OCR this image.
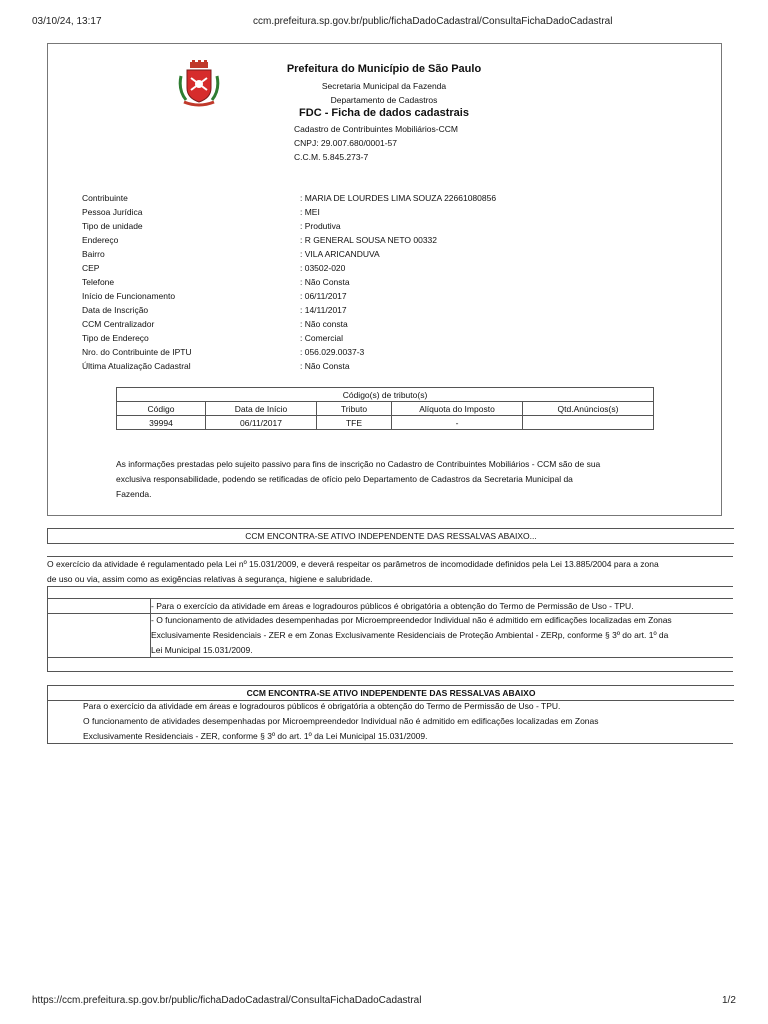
03/10/24, 13:17	ccm.prefeitura.sp.gov.br/public/fichaDadoCadastral/ConsultaFichaDadoCadastral
Prefeitura do Município de São Paulo
Secretaria Municipal da Fazenda
Departamento de Cadastros
FDC - Ficha de dados cadastrais
Cadastro de Contribuintes Mobiliários-CCM
CNPJ: 29.007.680/0001-57
C.C.M. 5.845.273-7
Contribuinte	: MARIA DE LOURDES LIMA SOUZA 22661080856
Pessoa Jurídica	: MEI
Tipo de unidade	: Produtiva
Endereço	: R GENERAL SOUSA NETO 00332
Bairro	: VILA ARICANDUVA
CEP	: 03502-020
Telefone	: Não Consta
Início de Funcionamento	: 06/11/2017
Data de Inscrição	: 14/11/2017
CCM Centralizador	: Não consta
Tipo de Endereço	: Comercial
Nro. do Contribuinte de IPTU	: 056.029.0037-3
Última Atualização Cadastral	: Não Consta
Código(s) de tributo(s)				
Código	Data de Início	Tributo	Alíquota do Imposto	Qtd.Anúncios(s)
39994	06/11/2017	TFE	-	
As informações prestadas pelo sujeito passivo para fins de inscrição no Cadastro de Contribuintes Mobiliários - CCM são de sua
exclusiva responsabilidade, podendo se retificadas de ofício pelo Departamento de Cadastros da Secretaria Municipal da
Fazenda.
CCM ENCONTRA-SE ATIVO INDEPENDENTE DAS RESSALVAS ABAIXO...
O exercício da atividade é regulamentado pela Lei nº 15.031/2009, e deverá respeitar os parâmetros de incomodidade definidos pela Lei 13.885/2004 para a zona
de uso ou via, assim como as exigências relativas à segurança, higiene e salubridade.
- Para o exercício da atividade em áreas e logradouros públicos é obrigatória a obtenção do Termo de Permissão de Uso - TPU.
- O funcionamento de atividades desempenhadas por Microempreendedor Individual não é admitido em edificações localizadas em Zonas
Exclusivamente Residenciais - ZER e em Zonas Exclusivamente Residenciais de Proteção Ambiental - ZERp, conforme § 3º do art. 1º da
Lei Municipal 15.031/2009.
CCM ENCONTRA-SE ATIVO INDEPENDENTE DAS RESSALVAS ABAIXO
Para o exercício da atividade em áreas e logradouros públicos é obrigatória a obtenção do Termo de Permissão de Uso - TPU.
O funcionamento de atividades desempenhadas por Microempreendedor Individual não é admitido em edificações localizadas em Zonas
Exclusivamente Residenciais - ZER, conforme § 3º do art. 1º da Lei Municipal 15.031/2009.
https://ccm.prefeitura.sp.gov.br/public/fichaDadoCadastral/ConsultaFichaDadoCadastral	1/2
